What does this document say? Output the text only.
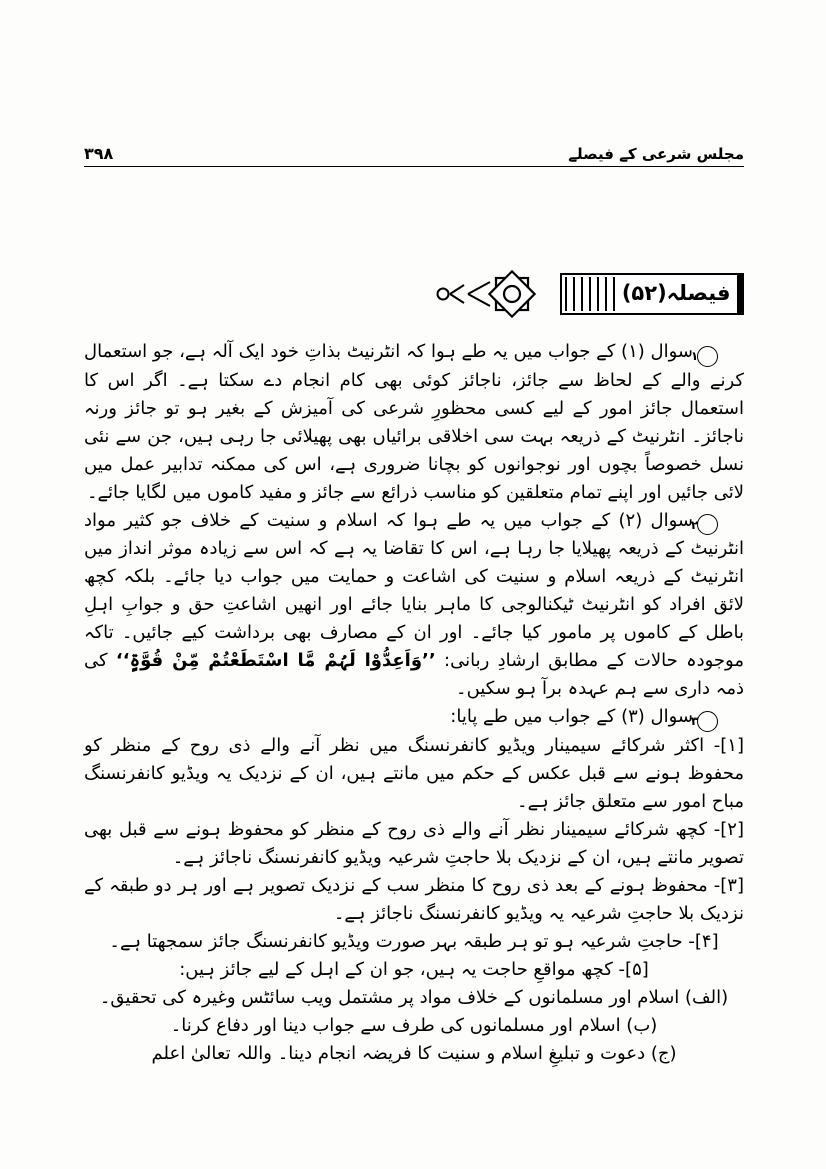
۳۹۸	مجلس شرعی کے فیصلے
فیصلہ(۵۲)

۱سوال (۱) کے جواب میں یہ طے ہوا کہ انٹرنیٹ بذاتِ خود ایک آلہ ہے، جو استعمال کرنے والے کے لحاظ سے جائز، ناجائز کوئی بھی کام انجام دے سکتا ہے۔ اگر اس کا استعمال جائز امور کے لیے کسی محظورِ شرعی کی آمیزش کے بغیر ہو تو جائز ورنہ ناجائز۔ انٹرنیٹ کے ذریعہ بہت سی اخلاقی برائیاں بھی پھیلائی جا رہی ہیں، جن سے نئی نسل خصوصاً بچوں اور نوجوانوں کو بچانا ضروری ہے، اس کی ممکنہ تدابیر عمل میں لائی جائیں اور اپنے تمام متعلقین کو مناسب ذرائع سے جائز و مفید کاموں میں لگایا جائے۔

۲سوال (۲) کے جواب میں یہ طے ہوا کہ اسلام و سنیت کے خلاف جو کثیر مواد انٹرنیٹ کے ذریعہ پھیلایا جا رہا ہے، اس کا تقاضا یہ ہے کہ اس سے زیادہ موثر انداز میں انٹرنیٹ کے ذریعہ اسلام و سنیت کی اشاعت و حمایت میں جواب دیا جائے۔ بلکہ کچھ لائق افراد کو انٹرنیٹ ٹیکنالوجی کا ماہر بنایا جائے اور انھیں اشاعتِ حق و جوابِ اہلِ باطل کے کاموں پر مامور کیا جائے۔ اور ان کے مصارف بھی برداشت کیے جائیں۔ تاکہ موجودہ حالات کے مطابق ارشادِ ربانی: ’’وَاَعِدُّوْا لَہُمْ مَّا اسْتَطَعْتُمْ مِّنْ قُوَّۃٍ‘‘ کی ذمہ داری سے ہم عہدہ برآ ہو سکیں۔

۳سوال (۳) کے جواب میں طے پایا:

[۱]- اکثر شرکائے سیمینار ویڈیو کانفرنسنگ میں نظر آنے والے ذی روح کے منظر کو محفوظ ہونے سے قبل عکس کے حکم میں مانتے ہیں، ان کے نزدیک یہ ویڈیو کانفرنسنگ مباح امور سے متعلق جائز ہے۔

[۲]- کچھ شرکائے سیمینار نظر آنے والے ذی روح کے منظر کو محفوظ ہونے سے قبل بھی تصویر مانتے ہیں، ان کے نزدیک بلا حاجتِ شرعیہ ویڈیو کانفرنسنگ ناجائز ہے۔

[۳]- محفوظ ہونے کے بعد ذی روح کا منظر سب کے نزدیک تصویر ہے اور ہر دو طبقہ کے نزدیک بلا حاجتِ شرعیہ یہ ویڈیو کانفرنسنگ ناجائز ہے۔

[۴]- حاجتِ شرعیہ ہو تو ہر طبقہ بہر صورت ویڈیو کانفرنسنگ جائز سمجھتا ہے۔

[۵]- کچھ مواقعِ حاجت یہ ہیں، جو ان کے اہل کے لیے جائز ہیں:

(الف) اسلام اور مسلمانوں کے خلاف مواد پر مشتمل ویب سائٹس وغیرہ کی تحقیق۔

(ب) اسلام اور مسلمانوں کی طرف سے جواب دینا اور دفاع کرنا۔

(ج) دعوت و تبلیغِ اسلام و سنیت کا فریضہ انجام دینا۔ واللہ تعالیٰ اعلم
